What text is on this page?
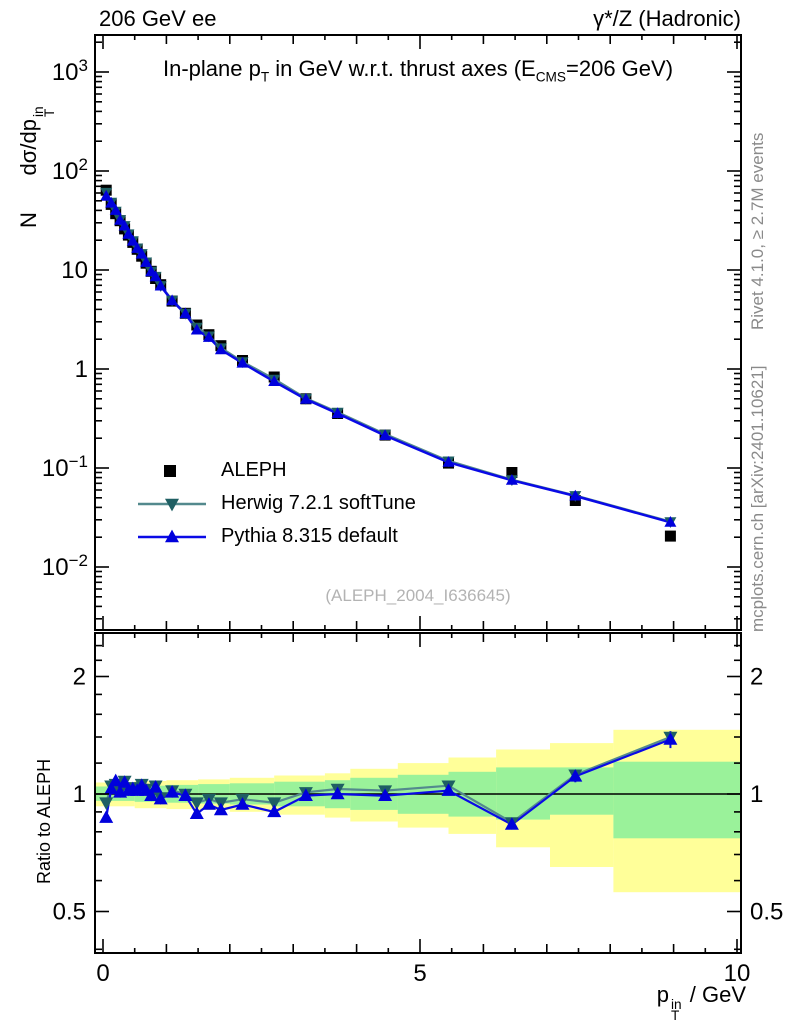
$10^3$
$10^2$
10
1
$10^{-1}$
$10^{-2}$
0	5	10
2	2
1	1
0.5	0.5
206 GeV ee	γ*/Z (Hadronic)
In-plane $p_T$ in GeV w.r.t. thrust axes ($E_{CMS}=206$ GeV)
N      dσ/dp
in
T
Ratio to ALEPH
p in
T
/ GeV
Rivet 4.1.0, ≥ 2.7M events
mcplots.cern.ch [arXiv:2401.10621]
(ALEPH_2004_I636645)
ALEPH
Herwig 7.2.1 softTune
Pythia 8.315 default
